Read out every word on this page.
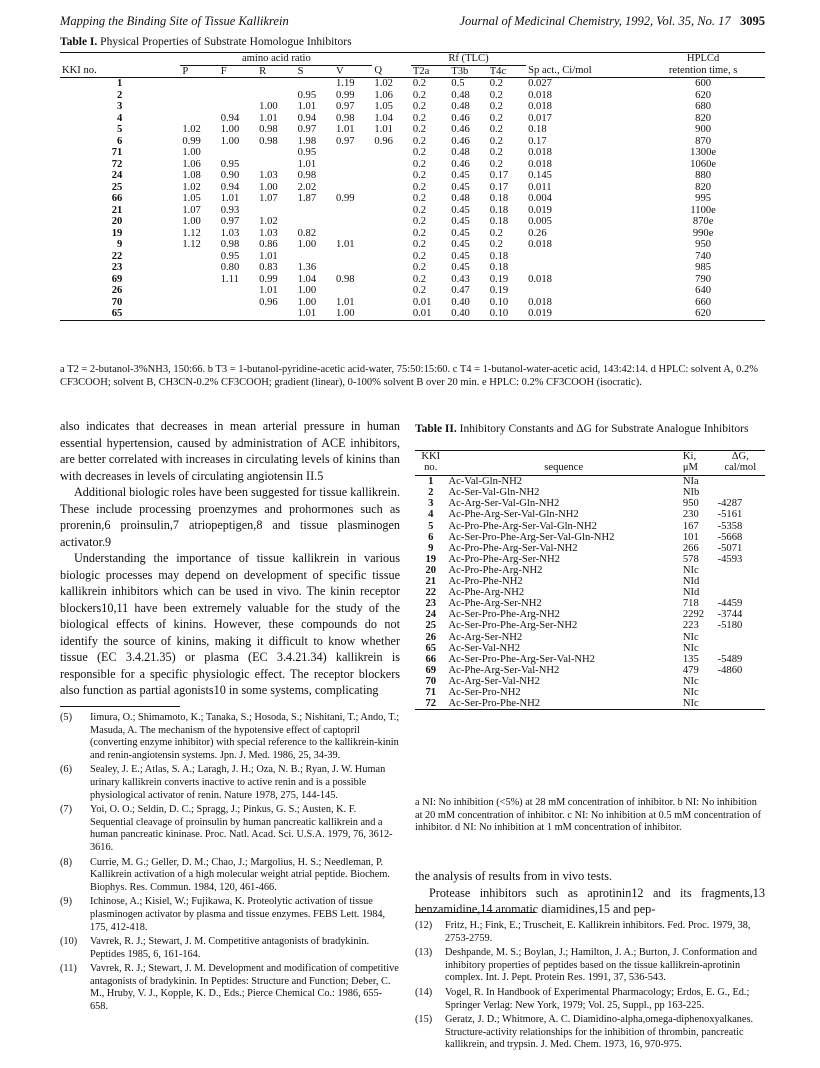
Mapping the Binding Site of Tissue Kallikrein	Journal of Medicinal Chemistry, 1992, Vol. 35, No. 17 3095
Table I. Physical Properties of Substrate Homologue Inhibitors
	amino acid ratio						Rf (TLC)				HPLCd
KKI no.	P	F	R	S	V	Q	T2a	T3b	T4c	Sp act., Ci/mol	retention time, s
1					1.19	1.02	0.2	0.5	0.2	0.027	600
2				0.95	0.99	1.06	0.2	0.48	0.2	0.018	620
3			1.00	1.01	0.97	1.05	0.2	0.48	0.2	0.018	680
4		0.94	1.01	0.94	0.98	1.04	0.2	0.46	0.2	0.017	820
5	1.02	1.00	0.98	0.97	1.01	1.01	0.2	0.46	0.2	0.18	900
6	0.99	1.00	0.98	1.98	0.97	0.96	0.2	0.46	0.2	0.17	870
71	1.00			0.95			0.2	0.48	0.2	0.018	1300e
72	1.06	0.95		1.01			0.2	0.46	0.2	0.018	1060e
24	1.08	0.90	1.03	0.98			0.2	0.45	0.17	0.145	880
25	1.02	0.94	1.00	2.02			0.2	0.45	0.17	0.011	820
66	1.05	1.01	1.07	1.87	0.99		0.2	0.48	0.18	0.004	995
21	1.07	0.93					0.2	0.45	0.18	0.019	1100e
20	1.00	0.97	1.02				0.2	0.45	0.18	0.005	870e
19	1.12	1.03	1.03	0.82			0.2	0.45	0.2	0.26	990e
9	1.12	0.98	0.86	1.00	1.01		0.2	0.45	0.2	0.018	950
22		0.95	1.01				0.2	0.45	0.18		740
23		0.80	0.83	1.36			0.2	0.45	0.18		985
69		1.11	0.99	1.04	0.98		0.2	0.43	0.19	0.018	790
26			1.01	1.00			0.2	0.47	0.19		640
70			0.96	1.00	1.01		0.01	0.40	0.10	0.018	660
65				1.01	1.00		0.01	0.40	0.10	0.019	620
a T2 = 2-butanol-3%NH3, 150:66. b T3 = 1-butanol-pyridine-acetic acid-water, 75:50:15:60. c T4 = 1-butanol-water-acetic acid, 143:42:14. d HPLC: solvent A, 0.2% CF3COOH; solvent B, CH3CN-0.2% CF3COOH; gradient (linear), 0-100% solvent B over 20 min. e HPLC: 0.2% CF3COOH (isocratic).

also indicates that decreases in mean arterial pressure in human essential hypertension, caused by administration of ACE inhibitors, are better correlated with increases in circulating levels of kinins than with decreases in levels of circulating angiotensin II.5

Additional biologic roles have been suggested for tissue kallikrein. These include processing proenzymes and prohormones such as prorenin,6 proinsulin,7 atriopeptigen,8 and tissue plasminogen activator.9

Understanding the importance of tissue kallikrein in various biologic processes may depend on development of specific tissue kallikrein inhibitors which can be used in vivo. The kinin receptor blockers10,11 have been extremely valuable for the study of the biological effects of kinins. However, these compounds do not identify the source of kinins, making it difficult to know whether tissue (EC 3.4.21.35) or plasma (EC 3.4.21.34) kallikrein is responsible for a specific physiologic effect. The receptor blockers also function as partial agonists10 in some systems, complicating

(5) Iimura, O.; Shimamoto, K.; Tanaka, S.; Hosoda, S.; Nishitani, T.; Ando, T.; Masuda, A. The mechanism of the hypotensive effect of captopril (converting enzyme inhibitor) with special reference to the kallikrein-kinin and renin-angiotensin systems. Jpn. J. Med. 1986, 25, 34-39.
(6) Sealey, J. E.; Atlas, S. A.; Laragh, J. H.; Oza, N. B.; Ryan, J. W. Human urinary kallikrein converts inactive to active renin and is a possible physiological activator of renin. Nature 1978, 275, 144-145.
(7) Yoi, O. O.; Seldin, D. C.; Spragg, J.; Pinkus, G. S.; Austen, K. F. Sequential cleavage of proinsulin by human pancreatic kallikrein and a human pancreatic kininase. Proc. Natl. Acad. Sci. U.S.A. 1979, 76, 3612-3616.
(8) Currie, M. G.; Geller, D. M.; Chao, J.; Margolius, H. S.; Needleman, P. Kallikrein activation of a high molecular weight atrial peptide. Biochem. Biophys. Res. Commun. 1984, 120, 461-466.
(9) Ichinose, A.; Kisiel, W.; Fujikawa, K. Proteolytic activation of tissue plasminogen activator by plasma and tissue enzymes. FEBS Lett. 1984, 175, 412-418.
(10) Vavrek, R. J.; Stewart, J. M. Competitive antagonists of bradykinin. Peptides 1985, 6, 161-164.
(11) Vavrek, R. J.; Stewart, J. M. Development and modification of competitive antagonists of bradykinin. In Peptides: Structure and Function; Deber, C. M., Hruby, V. J., Kopple, K. D., Eds.; Pierce Chemical Co.: 1986, 655-658.
Table II. Inhibitory Constants and ΔG for Substrate Analogue Inhibitors
KKI
no.	sequence	Ki,
μM	ΔG,
cal/mol

1	Ac-Val-Gln-NH2	NIa	
2	Ac-Ser-Val-Gln-NH2	NIb	
3	Ac-Arg-Ser-Val-Gln-NH2	950	-4287
4	Ac-Phe-Arg-Ser-Val-Gln-NH2	230	-5161
5	Ac-Pro-Phe-Arg-Ser-Val-Gln-NH2	167	-5358
6	Ac-Ser-Pro-Phe-Arg-Ser-Val-Gln-NH2	101	-5668
9	Ac-Pro-Phe-Arg-Ser-Val-NH2	266	-5071
19	Ac-Pro-Phe-Arg-Ser-NH2	578	-4593
20	Ac-Pro-Phe-Arg-NH2	NIc	
21	Ac-Pro-Phe-NH2	NId	
22	Ac-Phe-Arg-NH2	NId	
23	Ac-Phe-Arg-Ser-NH2	718	-4459
24	Ac-Ser-Pro-Phe-Arg-NH2	2292	-3744
25	Ac-Ser-Pro-Phe-Arg-Ser-NH2	223	-5180
26	Ac-Arg-Ser-NH2	NIc	
65	Ac-Ser-Val-NH2	NIc	
66	Ac-Ser-Pro-Phe-Arg-Ser-Val-NH2	135	-5489
69	Ac-Phe-Arg-Ser-Val-NH2	479	-4860
70	Ac-Arg-Ser-Val-NH2	NIc	
71	Ac-Ser-Pro-NH2	NIc	
72	Ac-Ser-Pro-Phe-NH2	NIc	
a NI: No inhibition (<5%) at 28 mM concentration of inhibitor. b NI: No inhibition at 20 mM concentration of inhibitor. c NI: No inhibition at 0.5 mM concentration of inhibitor. d NI: No inhibition at 1 mM concentration of inhibitor.

the analysis of results from in vivo tests.

Protease inhibitors such as aprotinin12 and its fragments,13 benzamidine,14 aromatic diamidines,15 and pep-

(12) Fritz, H.; Fink, E.; Truscheit, E. Kallikrein inhibitors. Fed. Proc. 1979, 38, 2753-2759.
(13) Deshpande, M. S.; Boylan, J.; Hamilton, J. A.; Burton, J. Conformation and inhibitory properties of peptides based on the tissue kallikrein-aprotinin complex. Int. J. Pept. Protein Res. 1991, 37, 536-543.
(14) Vogel, R. In Handbook of Experimental Pharmacology; Erdos, E. G., Ed.; Springer Verlag: New York, 1979; Vol. 25, Suppl., pp 163-225.
(15) Geratz, J. D.; Whitmore, A. C. Diamidino-alpha,omega-diphenoxyalkanes. Structure-activity relationships for the inhibition of thrombin, pancreatic kallikrein, and trypsin. J. Med. Chem. 1973, 16, 970-975.
